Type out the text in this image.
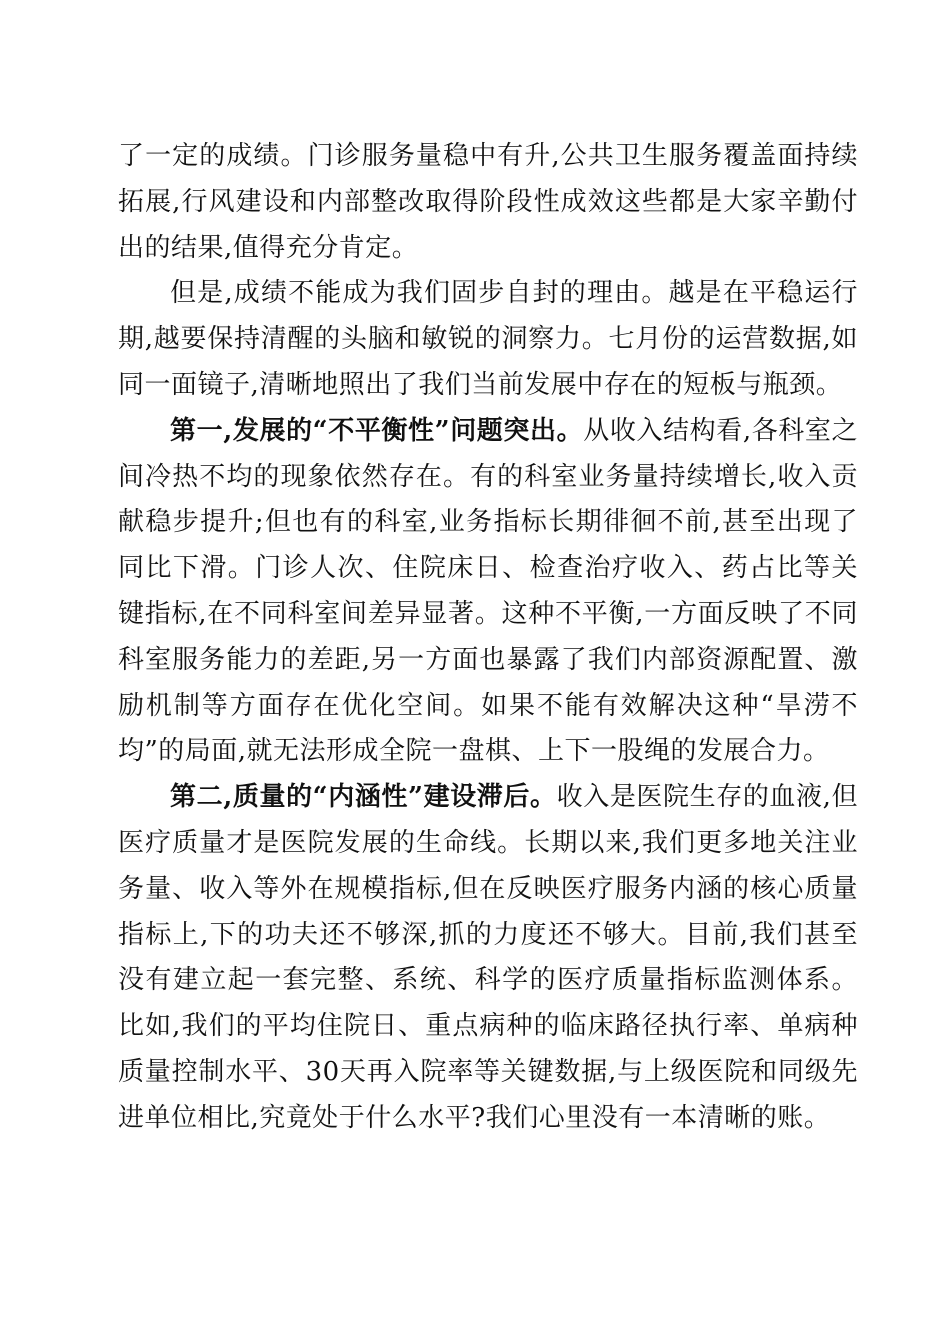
了一定的成绩。门诊服务量稳中有升,公共卫生服务覆盖面持续拓展,行风建设和内部整改取得阶段性成效这些都是大家辛勤付出的结果,值得充分肯定。

但是,成绩不能成为我们固步自封的理由。越是在平稳运行期,越要保持清醒的头脑和敏锐的洞察力。七月份的运营数据,如同一面镜子,清晰地照出了我们当前发展中存在的短板与瓶颈。

第一,发展的“不平衡性”问题突出。从收入结构看,各科室之间冷热不均的现象依然存在。有的科室业务量持续增长,收入贡献稳步提升;但也有的科室,业务指标长期徘徊不前,甚至出现了同比下滑。门诊人次、住院床日、检查治疗收入、药占比等关键指标,在不同科室间差异显著。这种不平衡,一方面反映了不同科室服务能力的差距,另一方面也暴露了我们内部资源配置、激励机制等方面存在优化空间。如果不能有效解决这种“旱涝不均”的局面,就无法形成全院一盘棋、上下一股绳的发展合力。

第二,质量的“内涵性”建设滞后。收入是医院生存的血液,但医疗质量才是医院发展的生命线。长期以来,我们更多地关注业务量、收入等外在规模指标,但在反映医疗服务内涵的核心质量指标上,下的功夫还不够深,抓的力度还不够大。目前,我们甚至没有建立起一套完整、系统、科学的医疗质量指标监测体系。比如,我们的平均住院日、重点病种的临床路径执行率、单病种质量控制水平、30天再入院率等关键数据,与上级医院和同级先进单位相比,究竟处于什么水平?我们心里没有一本清晰的账。
